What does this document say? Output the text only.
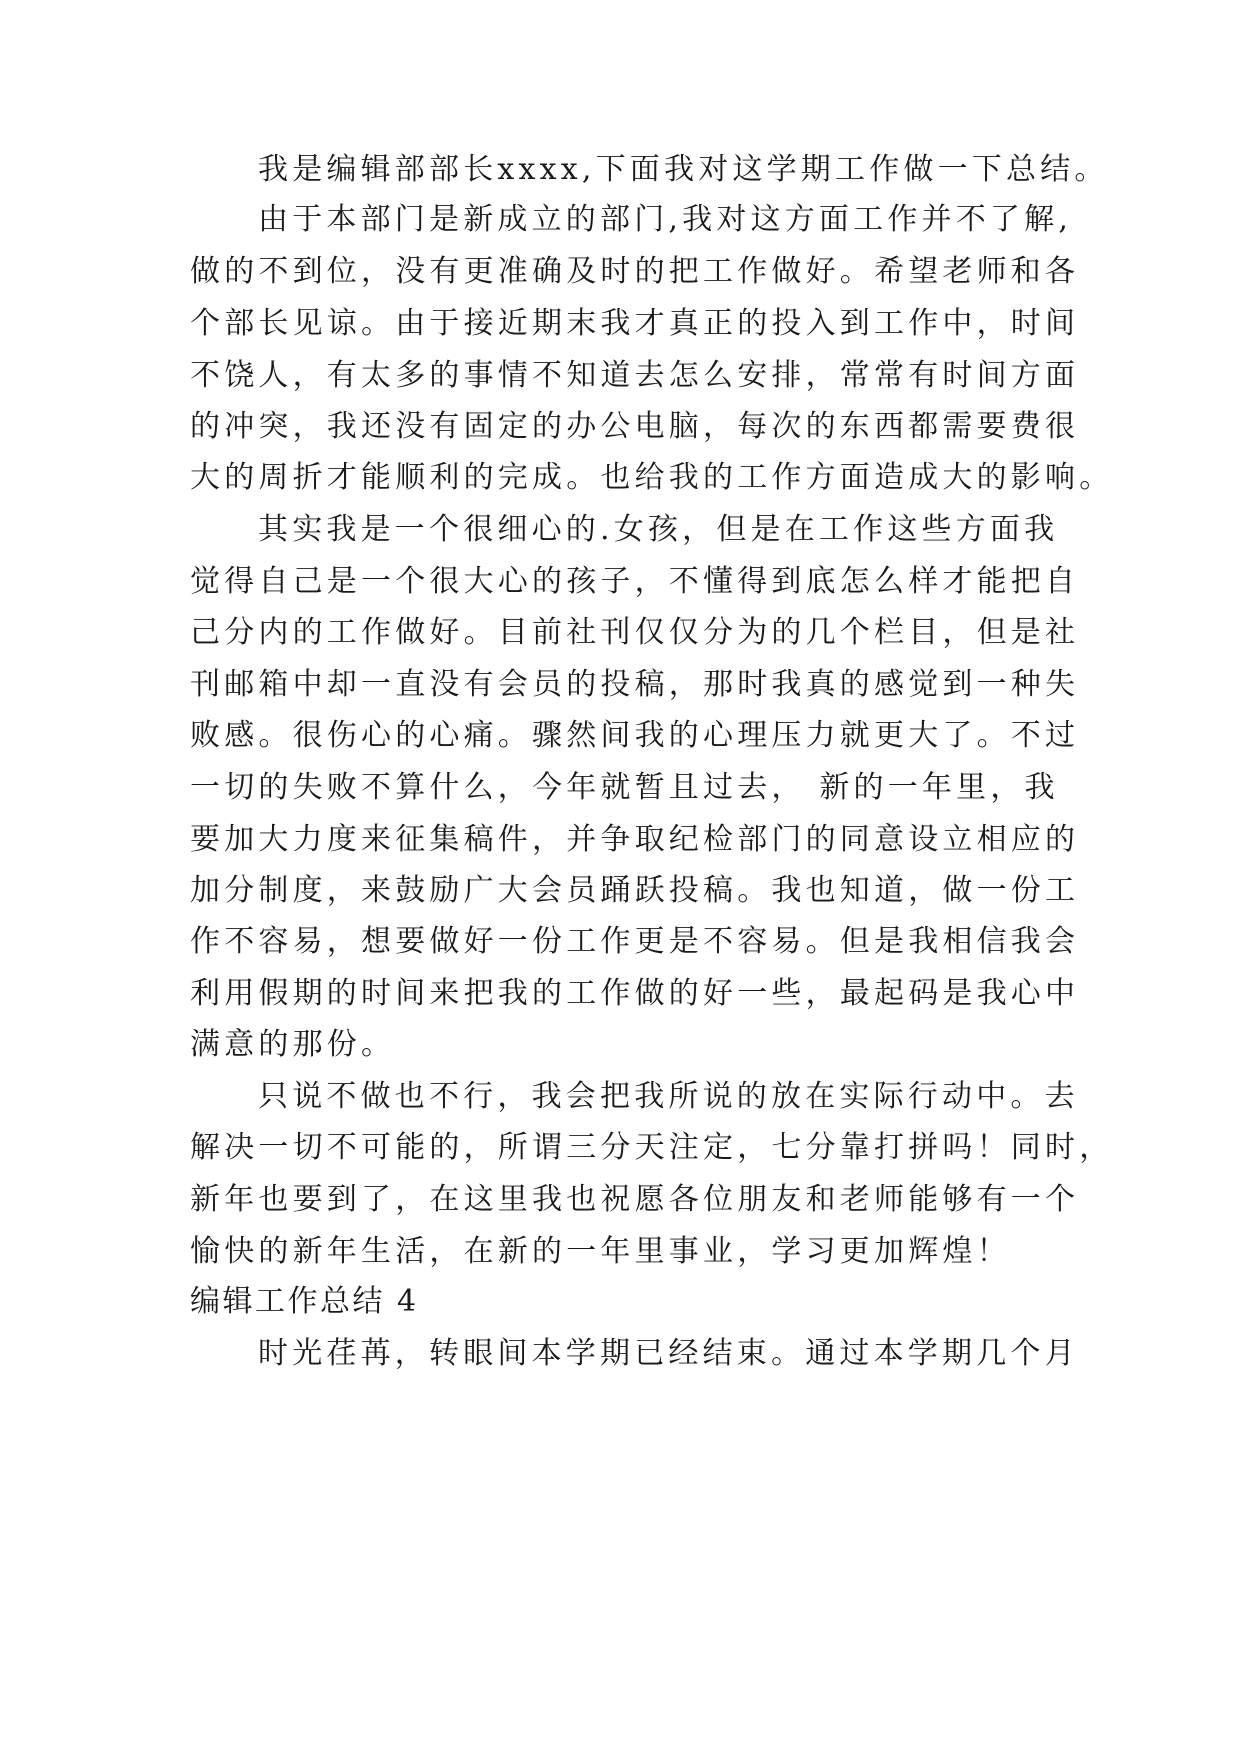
我是编辑部部长xxxx,下面我对这学期工作做一下总结。
由于本部门是新成立的部门,我对这方面工作并不了解,
做的不到位，没有更准确及时的把工作做好。希望老师和各
个部长见谅。由于接近期末我才真正的投入到工作中，时间
不饶人，有太多的事情不知道去怎么安排，常常有时间方面
的冲突，我还没有固定的办公电脑，每次的东西都需要费很
大的周折才能顺利的完成。也给我的工作方面造成大的影响。
其实我是一个很细心的.女孩，但是在工作这些方面我
觉得自己是一个很大心的孩子，不懂得到底怎么样才能把自
己分内的工作做好。目前社刊仅仅分为的几个栏目，但是社
刊邮箱中却一直没有会员的投稿，那时我真的感觉到一种失
败感。很伤心的心痛。骤然间我的心理压力就更大了。不过
一切的失败不算什么，今年就暂且过去， 新的一年里，我
要加大力度来征集稿件，并争取纪检部门的同意设立相应的
加分制度，来鼓励广大会员踊跃投稿。我也知道，做一份工
作不容易，想要做好一份工作更是不容易。但是我相信我会
利用假期的时间来把我的工作做的好一些，最起码是我心中
满意的那份。
只说不做也不行，我会把我所说的放在实际行动中。去
解决一切不可能的，所谓三分天注定，七分靠打拼吗！同时，
新年也要到了，在这里我也祝愿各位朋友和老师能够有一个
愉快的新年生活，在新的一年里事业，学习更加辉煌！
编辑工作总结 4
时光荏苒，转眼间本学期已经结束。通过本学期几个月
